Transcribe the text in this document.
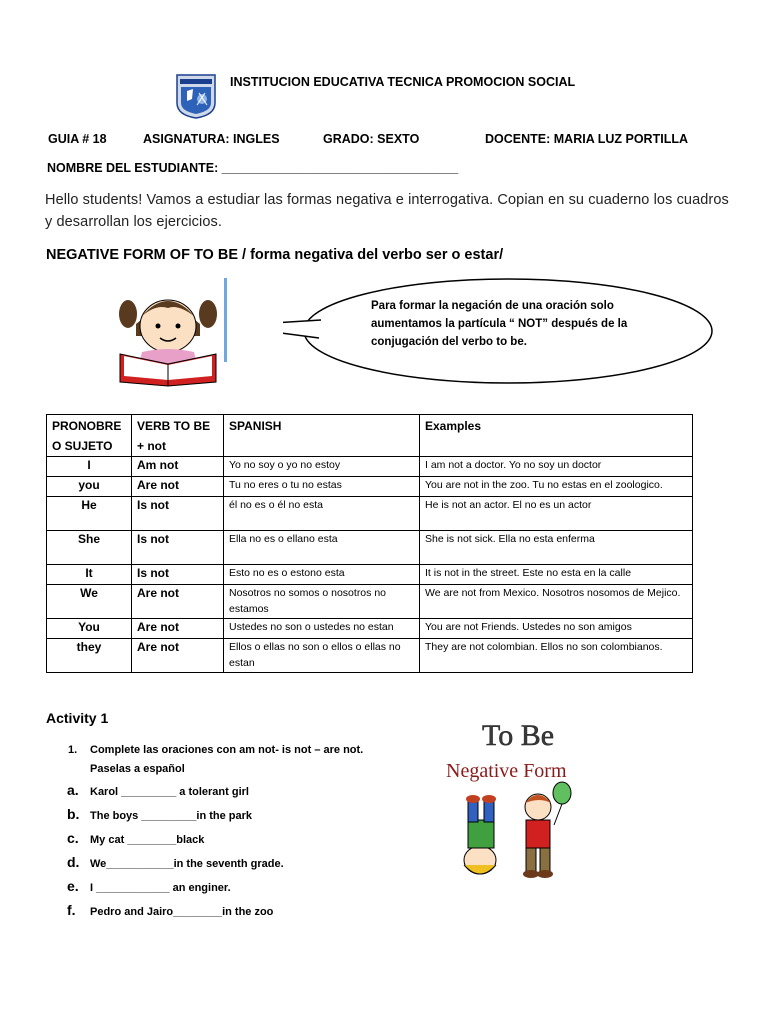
INSTITUCION EDUCATIVA TECNICA PROMOCION SOCIAL
GUIA # 18	ASIGNATURA: INGLES	GRADO: SEXTO	DOCENTE: MARIA LUZ PORTILLA
NOMBRE DEL ESTUDIANTE: __________________________________
Hello students! Vamos a estudiar las formas negativa e interrogativa. Copian en su cuaderno los cuadros y desarrollan los ejercicios.
NEGATIVE FORM OF TO BE / forma negativa del verbo ser o estar/
Para formar la negación de una oración solo aumentamos la partícula “ NOT” después de la conjugación del verbo to be.
PRONOBRE O SUJETO	VERB TO BE + not	SPANISH	Examples
I	Am not	Yo no soy o yo no estoy	I am not a doctor. Yo no soy un doctor
you	Are not	Tu no eres o tu no estas	You are not in the zoo. Tu no estas en el zoologico.
He	Is not	él no es o él no esta	He is not an actor. El no es un actor
She	Is not	Ella no es o ellano esta	She is not sick. Ella no esta enferma
It	Is not	Esto no es o estono esta	It is not in the street. Este no esta en la calle
We	Are not	Nosotros no somos o nosotros no estamos	We are not from Mexico. Nosotros nosomos de Mejico.
You	Are not	Ustedes no son o ustedes no estan	You are not Friends. Ustedes no son amigos
they	Are not	Ellos o ellas no son o ellos o ellas no estan	They are not colombian. Ellos no son colombianos.
Activity 1
1. Complete las oraciones con am not- is not – are not. Paselas a español
a. Karol _________ a tolerant girl
b. The boys _________in the park
c. My cat ________black
d. We___________in the seventh grade.
e. I ____________ an enginer.
f. Pedro and Jairo________in the zoo
To Be
Negative Form
